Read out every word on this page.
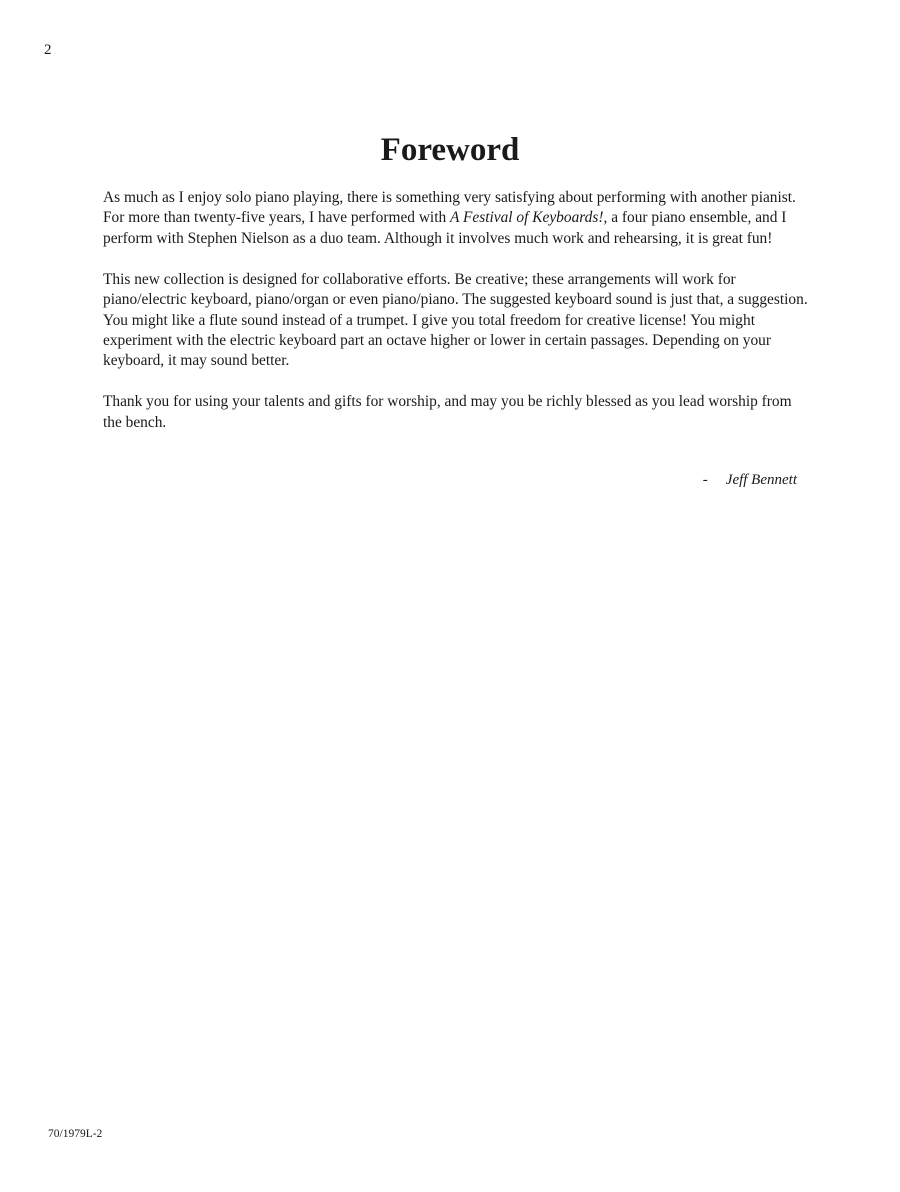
2
Foreword

As much as I enjoy solo piano playing, there is something very satisfying about performing with another pianist. For more than twenty-five years, I have performed with A Festival of Keyboards!, a four piano ensemble, and I perform with Stephen Nielson as a duo team. Although it involves much work and rehearsing, it is great fun!

This new collection is designed for collaborative efforts. Be creative; these arrangements will work for piano/electric keyboard, piano/organ or even piano/piano. The suggested keyboard sound is just that, a suggestion. You might like a flute sound instead of a trumpet. I give you total freedom for creative license! You might experiment with the electric keyboard part an octave higher or lower in certain passages. Depending on your keyboard, it may sound better.

Thank you for using your talents and gifts for worship, and may you be richly blessed as you lead worship from the bench.

- Jeff Bennett
70/1979L-2
